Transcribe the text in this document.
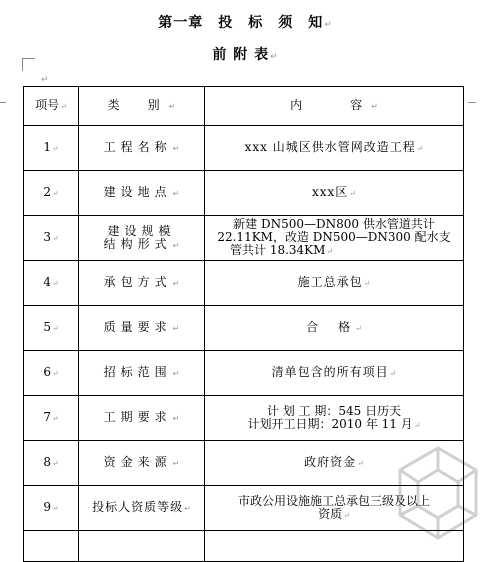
第一章　投　标　须　知↵
前 附 表↵
↵
项号↵	类　别↵	内　　容↵
1↵	工程名称↵	xxx 山城区供水管网改造工程↵
2↵	建设地点↵	xxx区↵
3↵	建设规模
结构形式↵	新建 DN500—DN800 供水管道共计
22.11KM，改造 DN500—DN300 配水支
管共计 18.34KM↵

4↵	承包方式↵	施工总承包↵
5↵	质量要求↵	合　格↵
6↵	招标范围↵	清单包含的所有项目↵
7↵	工期要求↵	计 划 工 期：545 日历天
计划开工日期：2010 年 11 月↵

8↵	资金来源↵	政府资金↵
9↵	投标人资质等级↵	市政公用设施施工总承包三级及以上
资质↵
